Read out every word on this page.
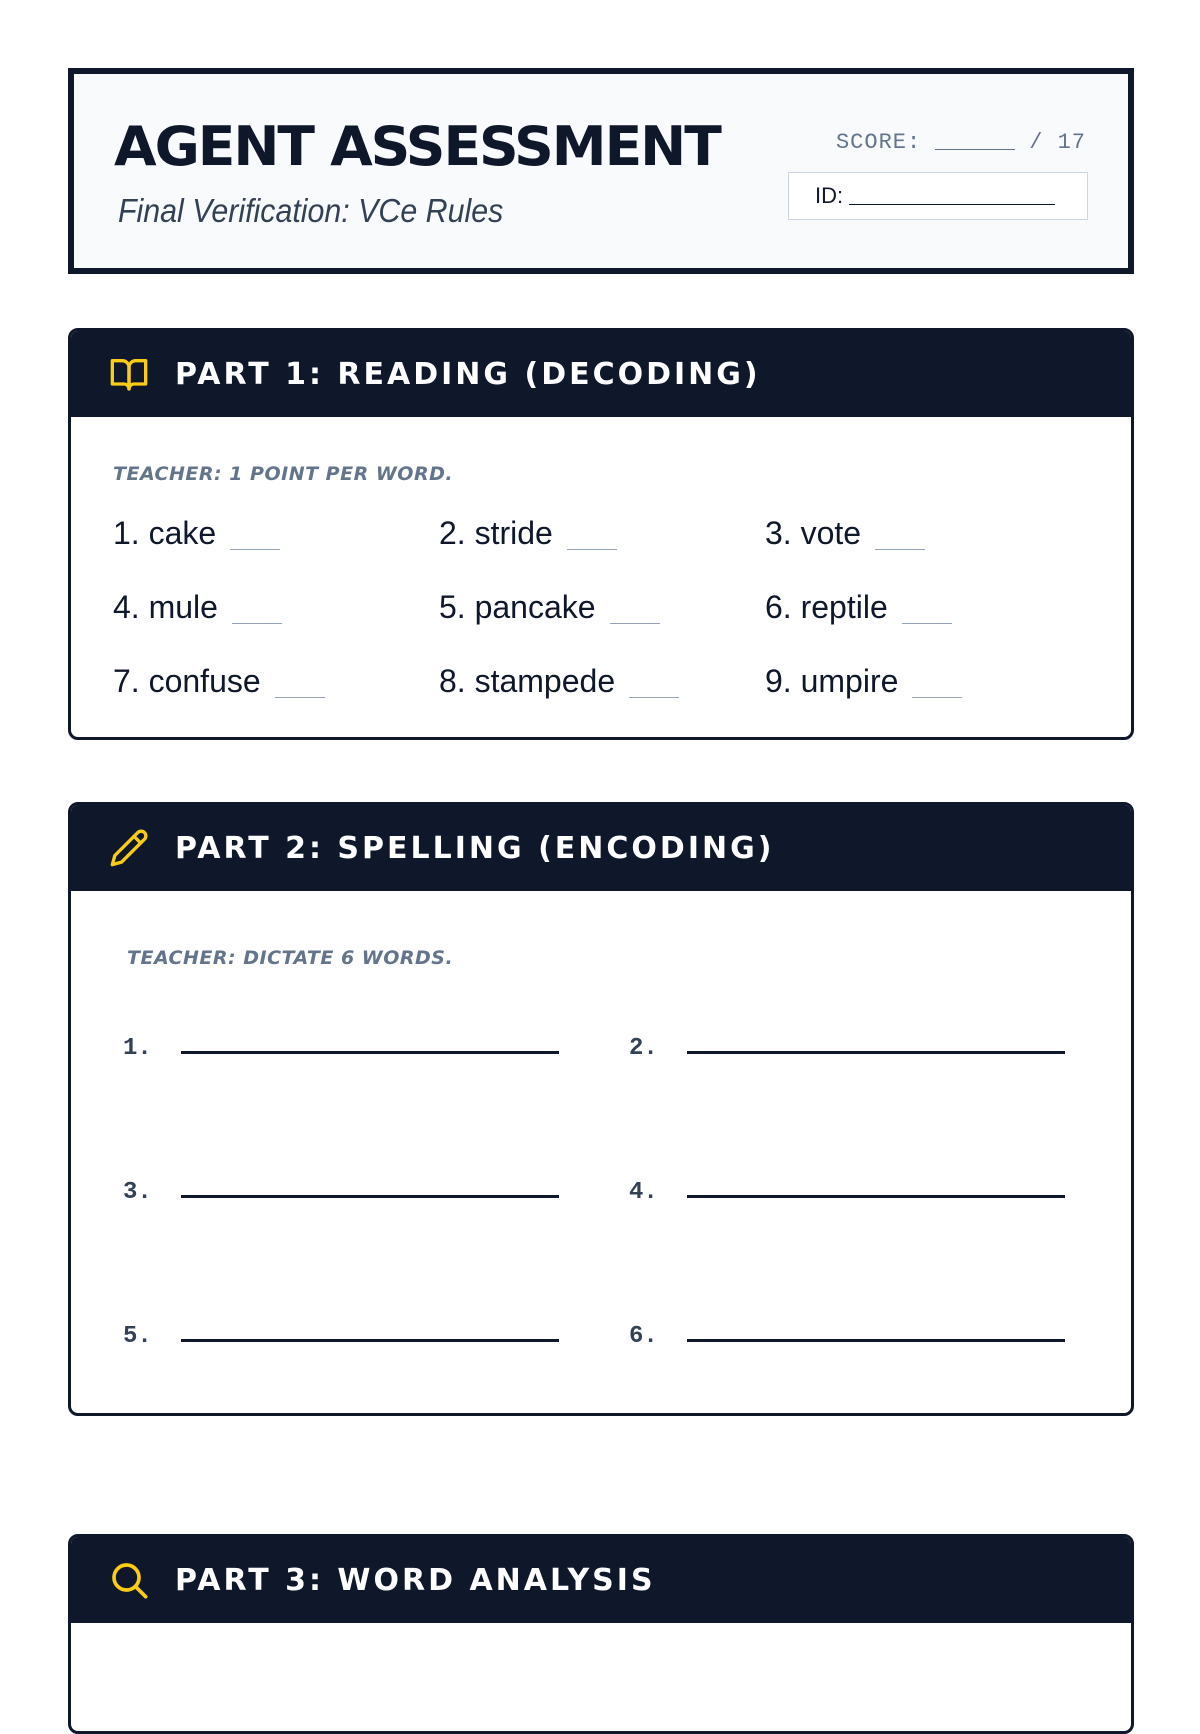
AGENT ASSESSMENT
Final Verification: VCe Rules
SCORE:	/ 17
ID:
PART 1: READING (DECODING)
TEACHER: 1 POINT PER WORD.
1. cake	2. stride	3. vote
4. mule	5. pancake	6. reptile
7. confuse	8. stampede	9. umpire
PART 2: SPELLING (ENCODING)
TEACHER: DICTATE 6 WORDS.
1.	2.
3.	4.
5.	6.
PART 3: WORD ANALYSIS
